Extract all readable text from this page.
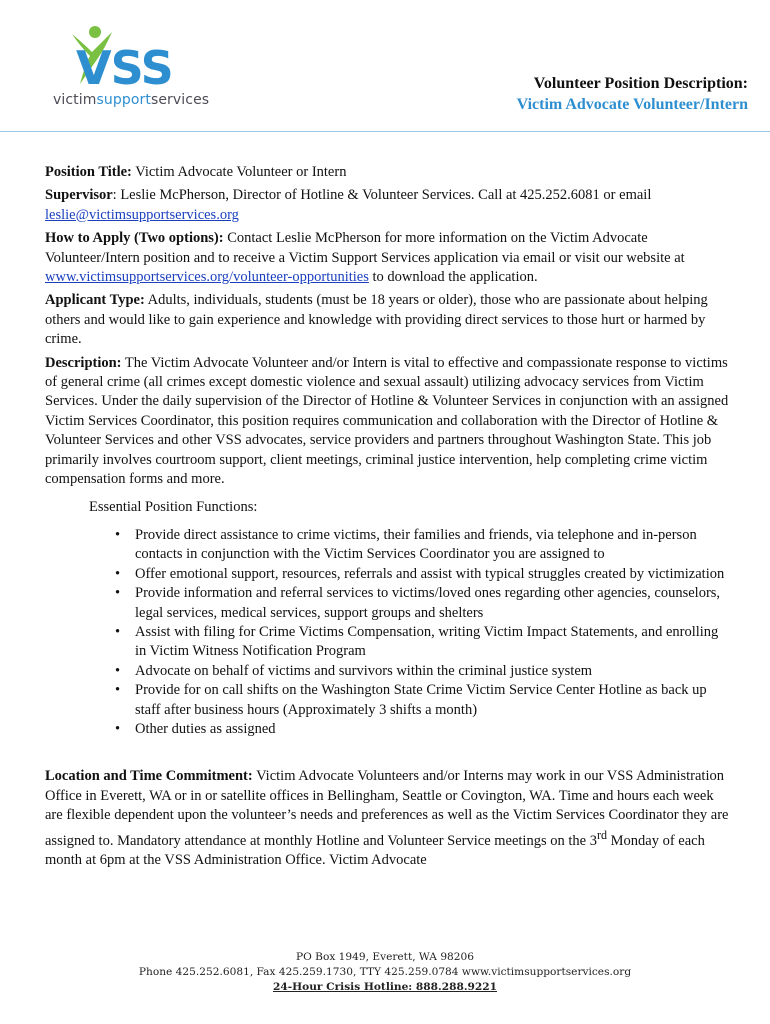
VSS
victimsupportservices
Volunteer Position Description:
Victim Advocate Volunteer/Intern

Position Title: Victim Advocate Volunteer or Intern

Supervisor: Leslie McPherson, Director of Hotline & Volunteer Services. Call at 425.252.6081 or email leslie@victimsupportservices.org

How to Apply (Two options): Contact Leslie McPherson for more information on the Victim Advocate Volunteer/Intern position and to receive a Victim Support Services application via email or visit our website at www.victimsupportservices.org/volunteer-opportunities to download the application.

Applicant Type: Adults, individuals, students (must be 18 years or older), those who are passionate about helping others and would like to gain experience and knowledge with providing direct services to those hurt or harmed by crime.

Description: The Victim Advocate Volunteer and/or Intern is vital to effective and compassionate response to victims of general crime (all crimes except domestic violence and sexual assault) utilizing advocacy services from Victim Services. Under the daily supervision of the Director of Hotline & Volunteer Services in conjunction with an assigned Victim Services Coordinator, this position requires communication and collaboration with the Director of Hotline & Volunteer Services and other VSS advocates, service providers and partners throughout Washington State. This job primarily involves courtroom support, client meetings, criminal justice intervention, help completing crime victim compensation forms and more.

Essential Position Functions:

• Provide direct assistance to crime victims, their families and friends, via telephone and in-person contacts in conjunction with the Victim Services Coordinator you are assigned to
• Offer emotional support, resources, referrals and assist with typical struggles created by victimization
• Provide information and referral services to victims/loved ones regarding other agencies, counselors, legal services, medical services, support groups and shelters
• Assist with filing for Crime Victims Compensation, writing Victim Impact Statements, and enrolling in Victim Witness Notification Program
• Advocate on behalf of victims and survivors within the criminal justice system
• Provide for on call shifts on the Washington State Crime Victim Service Center Hotline as back up staff after business hours (Approximately 3 shifts a month)
• Other duties as assigned

Location and Time Commitment: Victim Advocate Volunteers and/or Interns may work in our VSS Administration Office in Everett, WA or in or satellite offices in Bellingham, Seattle or Covington, WA. Time and hours each week are flexible dependent upon the volunteer’s needs and preferences as well as the Victim Services Coordinator they are assigned to. Mandatory attendance at monthly Hotline and Volunteer Service meetings on the 3rd Monday of each month at 6pm at the VSS Administration Office. Victim Advocate

PO Box 1949, Everett, WA 98206
Phone 425.252.6081, Fax 425.259.1730, TTY 425.259.0784 www.victimsupportservices.org
24-Hour Crisis Hotline: 888.288.9221
